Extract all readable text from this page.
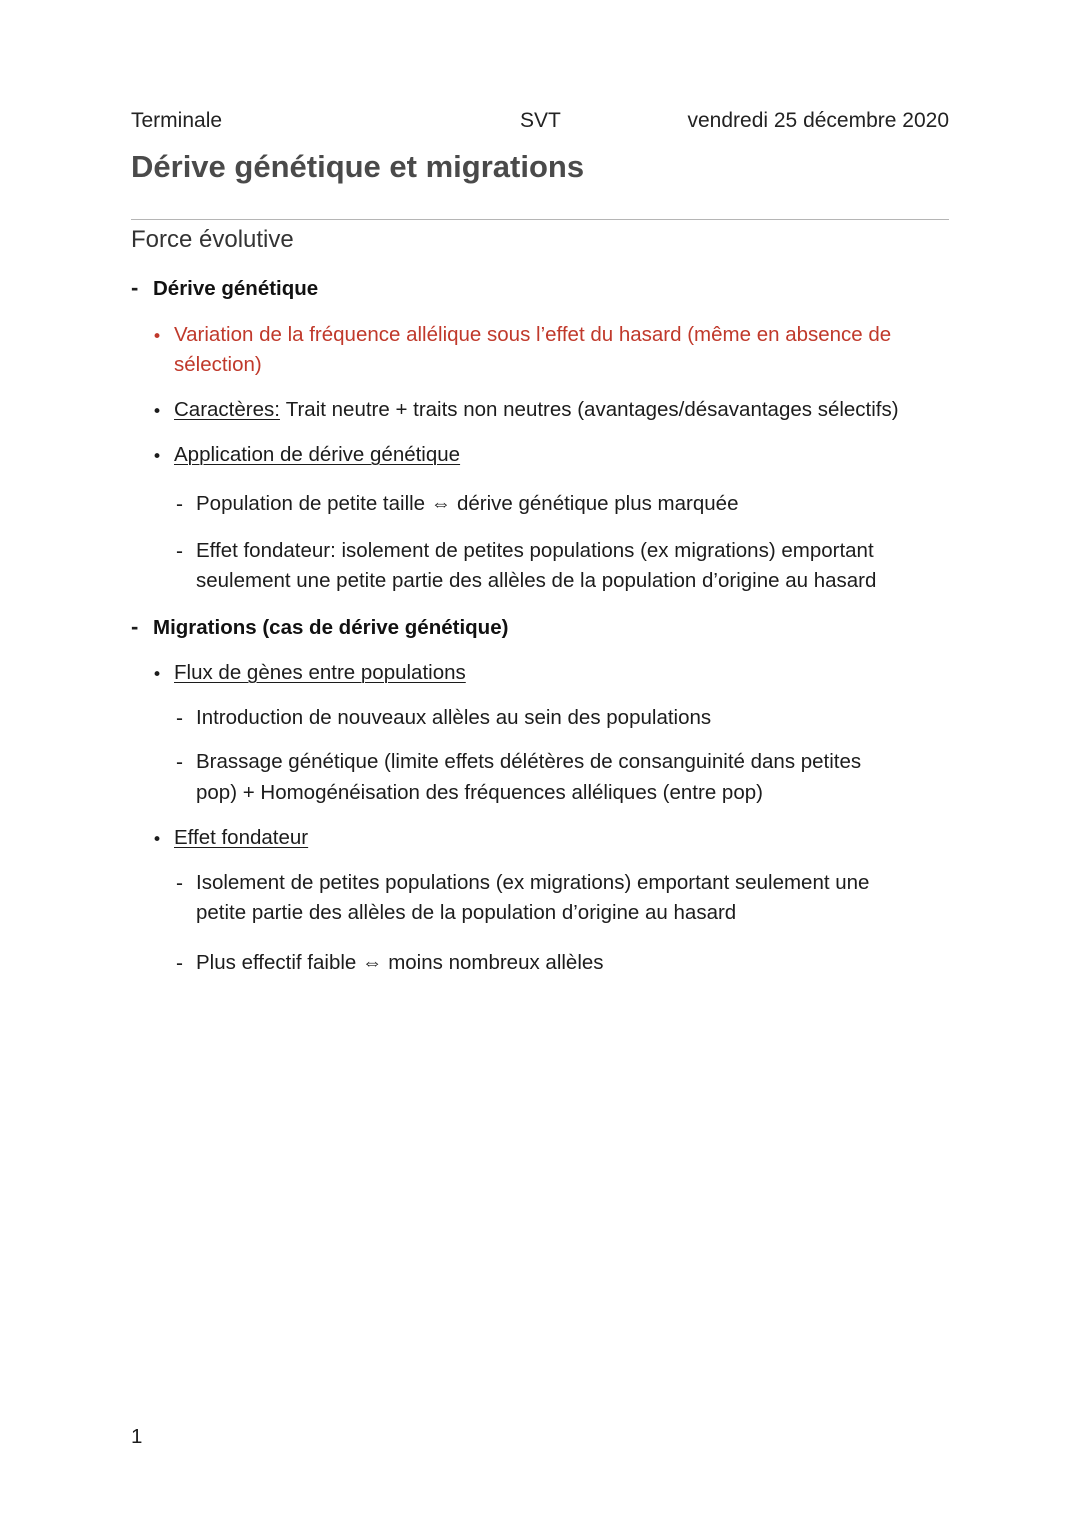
Terminale	SVT	vendredi 25 décembre 2020
Dérive génétique et migrations
Force évolutive
-
Dérive génétique
•
Variation de la fréquence allélique sous l’effet du hasard (même en absence de
sélection)
•
Caractères: Trait neutre + traits non neutres (avantages/désavantages sélectifs)
•
Application de dérive génétique
-
Population de petite taille ⇔ dérive génétique plus marquée
-
Effet fondateur: isolement de petites populations (ex migrations) emportant
seulement une petite partie des allèles de la population d’origine au hasard
-
Migrations (cas de dérive génétique)
•
Flux de gènes entre populations
-
Introduction de nouveaux allèles au sein des populations
-
Brassage génétique (limite effets délétères de consanguinité dans petites
pop) + Homogénéisation des fréquences alléliques (entre pop)
•
Effet fondateur
-
Isolement de petites populations (ex migrations) emportant seulement une
petite partie des allèles de la population d’origine au hasard
-
Plus effectif faible ⇔ moins nombreux allèles
1
